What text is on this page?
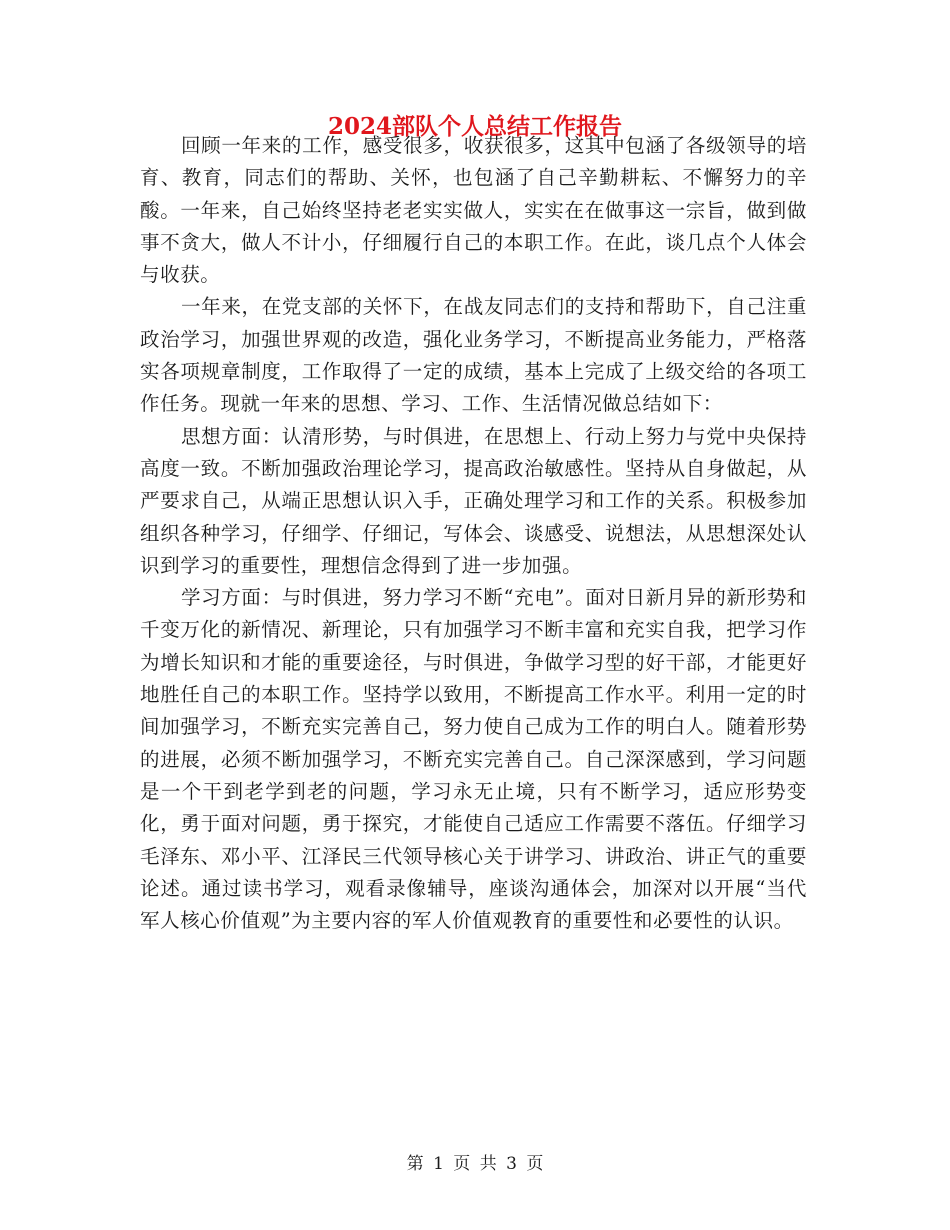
2024部队个人总结工作报告

回顾一年来的工作，感受很多，收获很多，这其中包涵了各级领导的培育、教育，同志们的帮助、关怀，也包涵了自己辛勤耕耘、不懈努力的辛酸。一年来，自己始终坚持老老实实做人，实实在在做事这一宗旨，做到做事不贪大，做人不计小，仔细履行自己的本职工作。在此，谈几点个人体会与收获。

一年来，在党支部的关怀下，在战友同志们的支持和帮助下，自己注重政治学习，加强世界观的改造，强化业务学习，不断提高业务能力，严格落实各项规章制度，工作取得了一定的成绩，基本上完成了上级交给的各项工作任务。现就一年来的思想、学习、工作、生活情况做总结如下：

思想方面：认清形势，与时俱进，在思想上、行动上努力与党中央保持高度一致。不断加强政治理论学习，提高政治敏感性。坚持从自身做起，从严要求自己，从端正思想认识入手，正确处理学习和工作的关系。积极参加组织各种学习，仔细学、仔细记，写体会、谈感受、说想法，从思想深处认识到学习的重要性，理想信念得到了进一步加强。

学习方面：与时俱进，努力学习不断“充电”。面对日新月异的新形势和千变万化的新情况、新理论，只有加强学习不断丰富和充实自我，把学习作为增长知识和才能的重要途径，与时俱进，争做学习型的好干部，才能更好地胜任自己的本职工作。坚持学以致用，不断提高工作水平。利用一定的时间加强学习，不断充实完善自己，努力使自己成为工作的明白人。随着形势的进展，必须不断加强学习，不断充实完善自己。自己深深感到，学习问题是一个干到老学到老的问题，学习永无止境，只有不断学习，适应形势变化，勇于面对问题，勇于探究，才能使自己适应工作需要不落伍。仔细学习毛泽东、邓小平、江泽民三代领导核心关于讲学习、讲政治、讲正气的重要论述。通过读书学习，观看录像辅导，座谈沟通体会，加深对以开展“当代军人核心价值观”为主要内容的军人价值观教育的重要性和必要性的认识。

第 1 页 共 3 页
